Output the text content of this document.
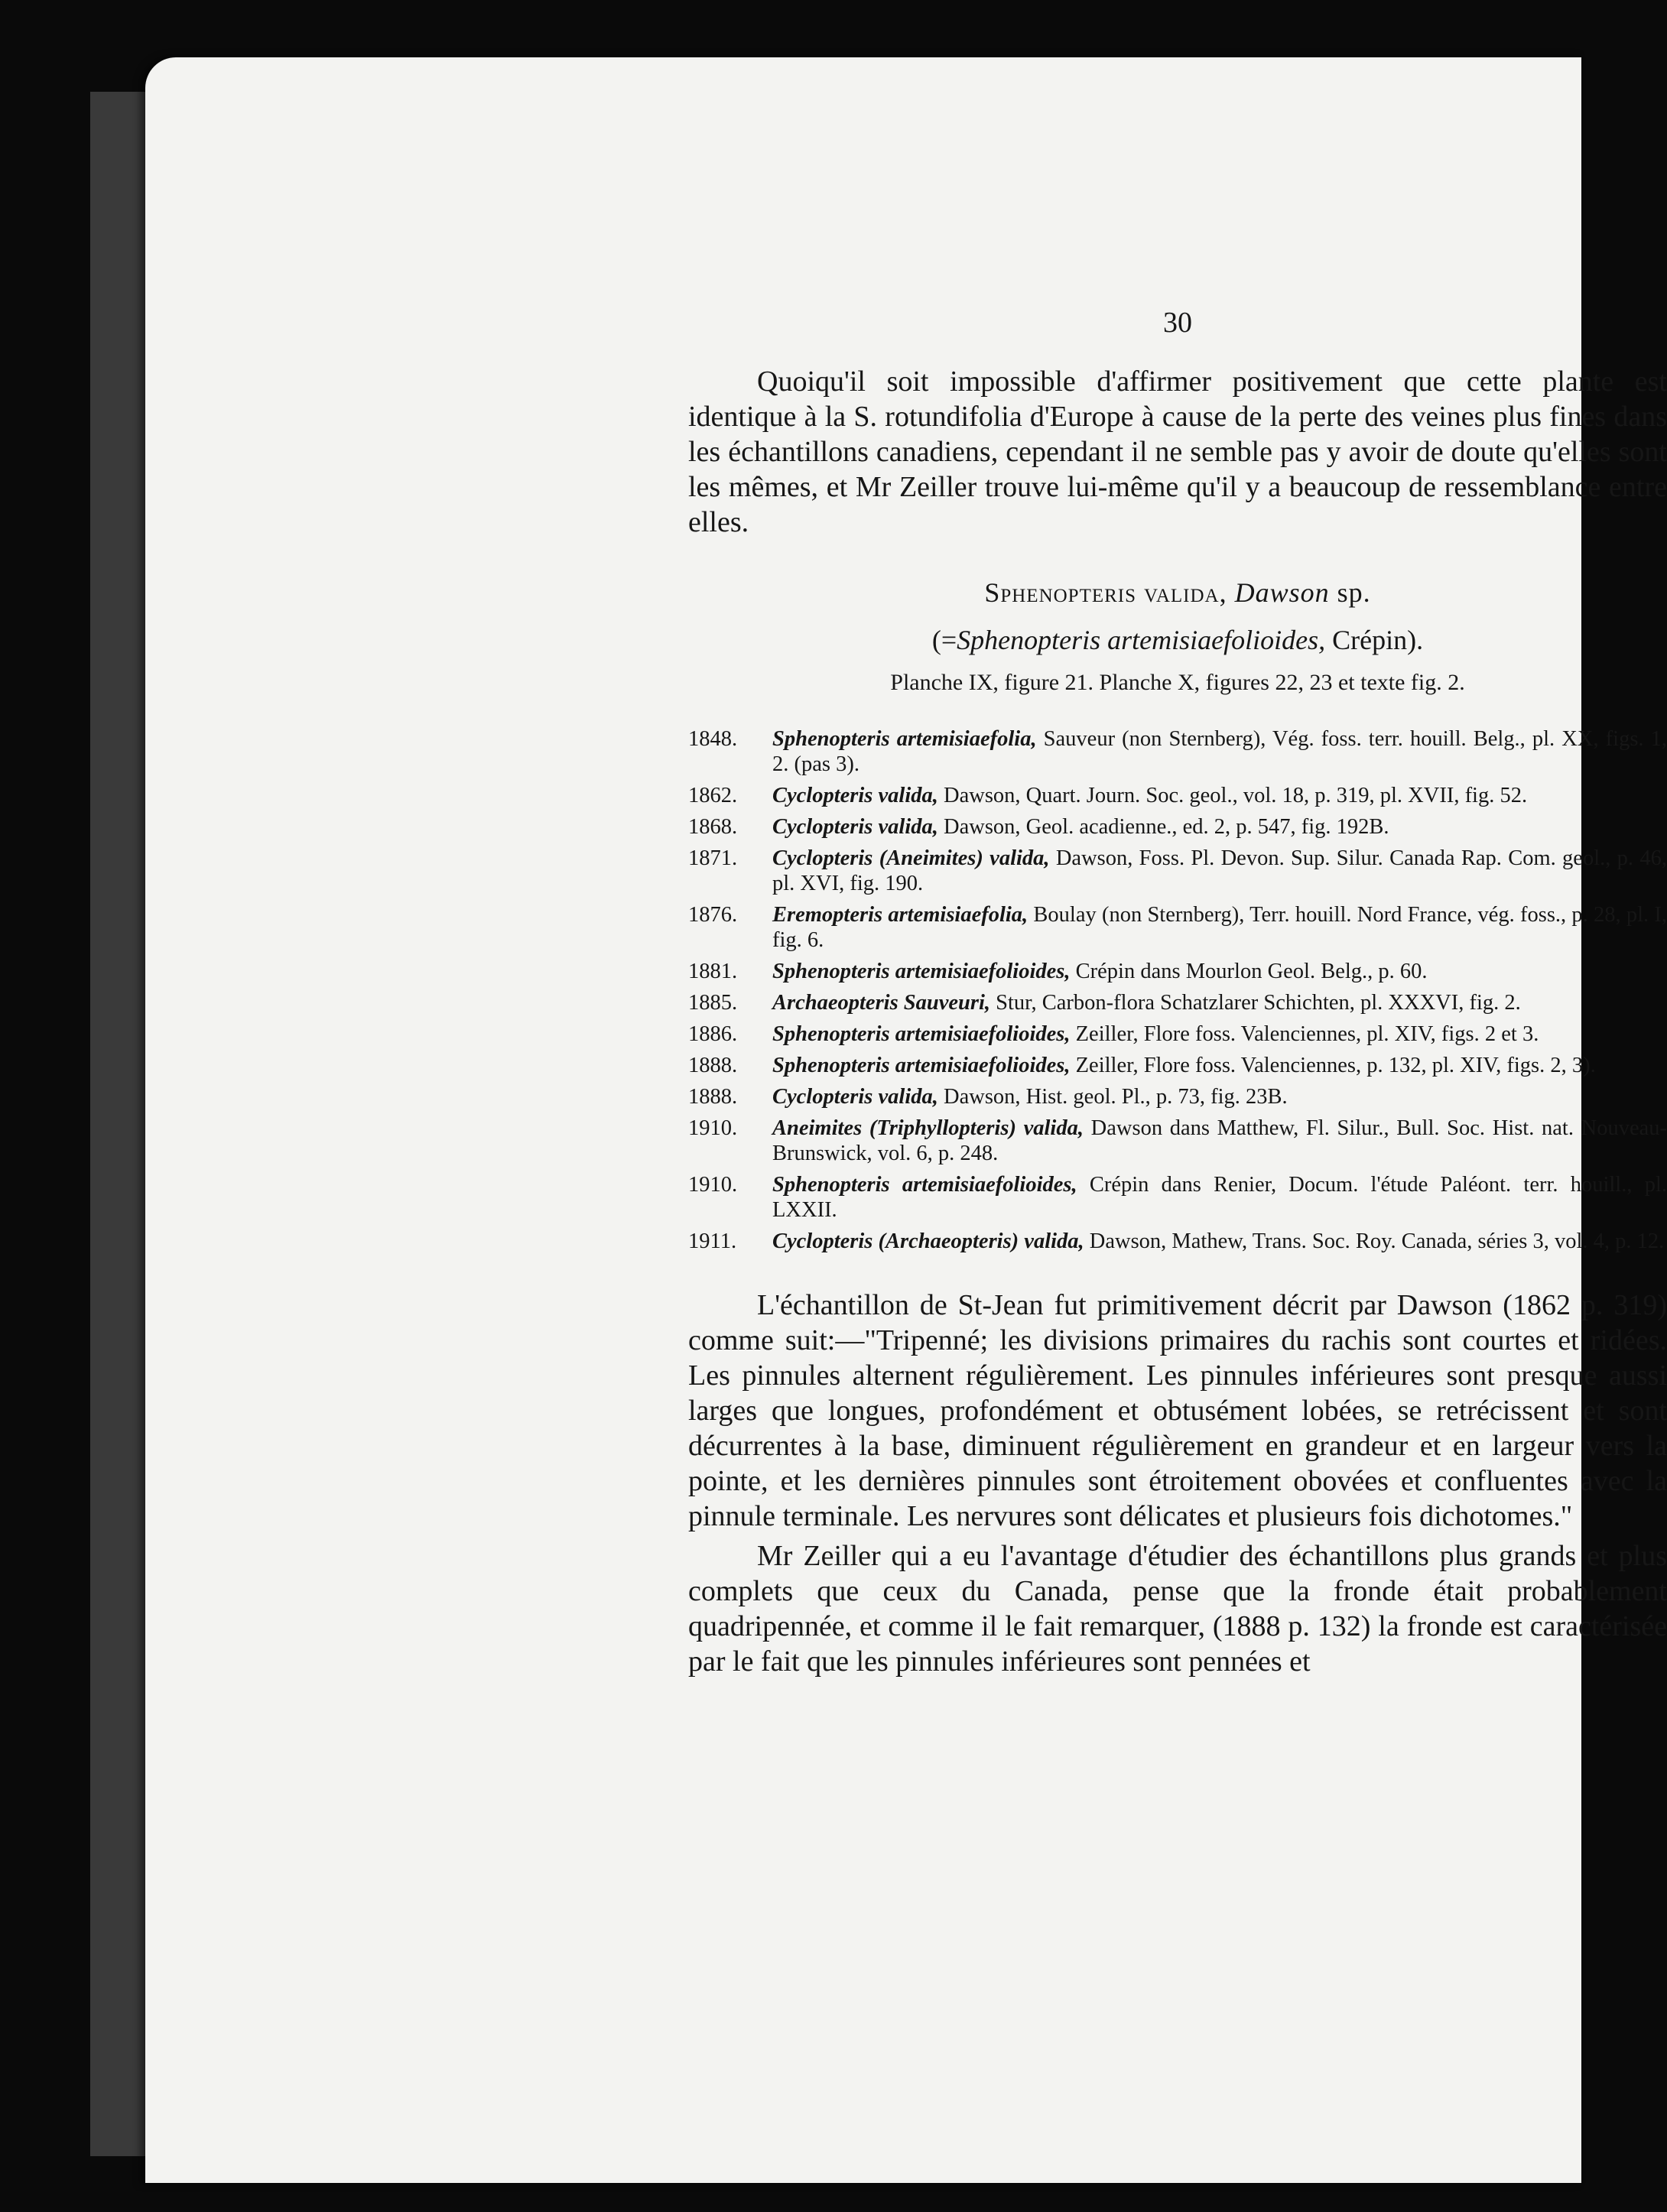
30

Quoiqu'il soit impossible d'affirmer positivement que cette plante est identique à la S. rotundifolia d'Europe à cause de la perte des veines plus fines dans les échantillons canadiens, cependant il ne semble pas y avoir de doute qu'elles sont les mêmes, et Mr Zeiller trouve lui-même qu'il y a beaucoup de ressemblance entre elles.

Sphenopteris valida, Dawson sp.
(=Sphenopteris artemisiaefolioides, Crépin).
Planche IX, figure 21. Planche X, figures 22, 23 et texte fig. 2.
1848.	Sphenopteris artemisiaefolia, Sauveur (non Sternberg), Vég. foss. terr. houill. Belg., pl. XX, figs. 1, 2. (pas 3).
1862.	Cyclopteris valida, Dawson, Quart. Journ. Soc. geol., vol. 18, p. 319, pl. XVII, fig. 52.
1868.	Cyclopteris valida, Dawson, Geol. acadienne., ed. 2, p. 547, fig. 192B.
1871.	Cyclopteris (Aneimites) valida, Dawson, Foss. Pl. Devon. Sup. Silur. Canada Rap. Com. geol., p. 46, pl. XVI, fig. 190.
1876.	Eremopteris artemisiaefolia, Boulay (non Sternberg), Terr. houill. Nord France, vég. foss., p. 28, pl. I, fig. 6.
1881.	Sphenopteris artemisiaefolioides, Crépin dans Mourlon Geol. Belg., p. 60.
1885.	Archaeopteris Sauveuri, Stur, Carbon-flora Schatzlarer Schichten, pl. XXXVI, fig. 2.
1886.	Sphenopteris artemisiaefolioides, Zeiller, Flore foss. Valenciennes, pl. XIV, figs. 2 et 3.
1888.	Sphenopteris artemisiaefolioides, Zeiller, Flore foss. Valenciennes, p. 132, pl. XIV, figs. 2, 3).
1888.	Cyclopteris valida, Dawson, Hist. geol. Pl., p. 73, fig. 23B.
1910.	Aneimites (Triphyllopteris) valida, Dawson dans Matthew, Fl. Silur., Bull. Soc. Hist. nat. Nouveau-Brunswick, vol. 6, p. 248.
1910.	Sphenopteris artemisiaefolioides, Crépin dans Renier, Docum. l'étude Paléont. terr. houill., pl. LXXII.
1911.	Cyclopteris (Archaeopteris) valida, Dawson, Mathew, Trans. Soc. Roy. Canada, séries 3, vol. 4, p. 12.

L'échantillon de St-Jean fut primitivement décrit par Dawson (1862 p. 319) comme suit:—"Tripenné; les divisions primaires du rachis sont courtes et ridées. Les pinnules alternent régulièrement. Les pinnules inférieures sont presque aussi larges que longues, profondément et obtusément lobées, se retrécissent et sont décurrentes à la base, diminuent régulièrement en grandeur et en largeur vers la pointe, et les dernières pinnules sont étroitement obovées et confluentes avec la pinnule terminale. Les nervures sont délicates et plusieurs fois dichotomes."

Mr Zeiller qui a eu l'avantage d'étudier des échantillons plus grands et plus complets que ceux du Canada, pense que la fronde était probablement quadripennée, et comme il le fait remarquer, (1888 p. 132) la fronde est caractérisée par le fait que les pinnules inférieures sont pennées et
